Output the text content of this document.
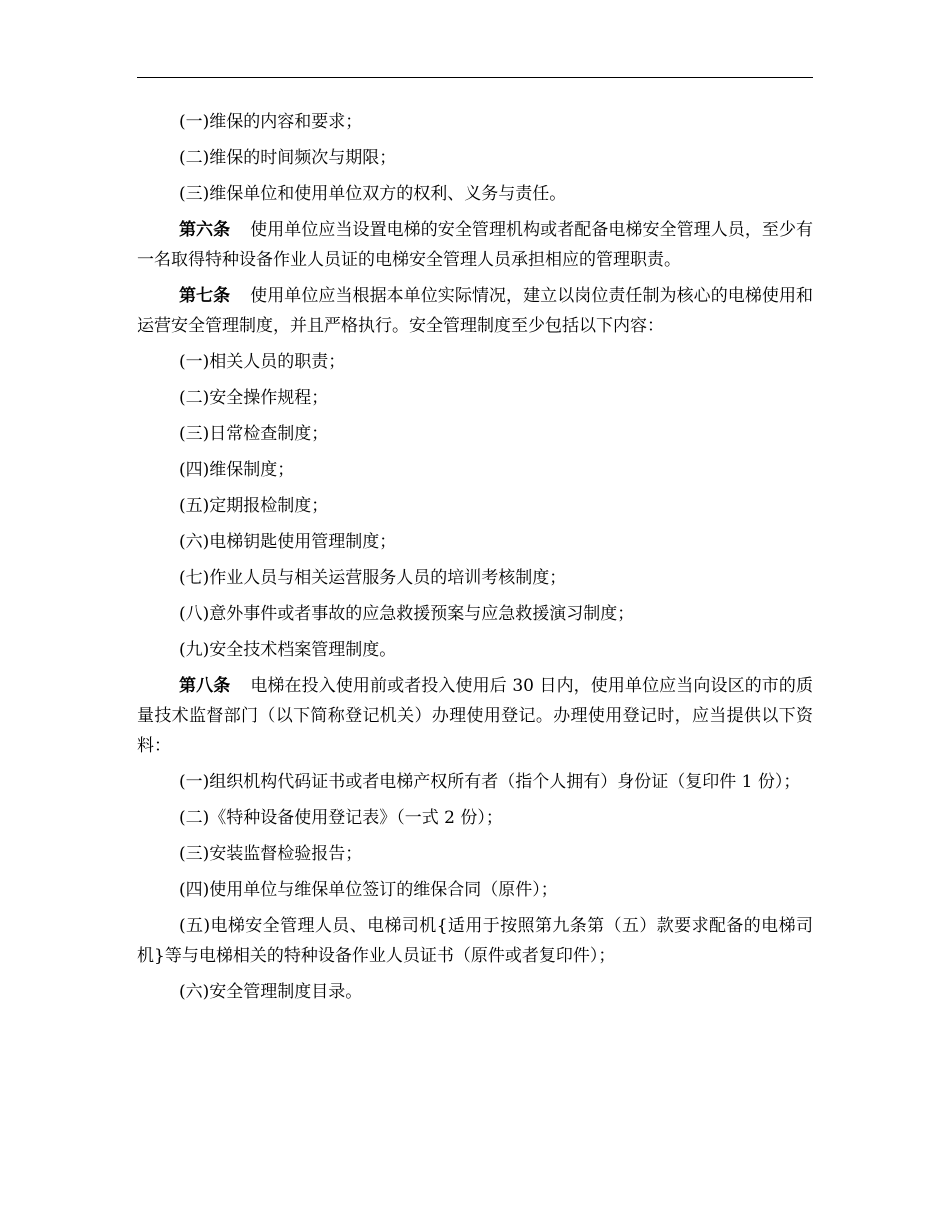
(一)维保的内容和要求；

(二)维保的时间频次与期限；

(三)维保单位和使用单位双方的权利、义务与责任。

第六条 使用单位应当设置电梯的安全管理机构或者配备电梯安全管理人员，至少有一名取得特种设备作业人员证的电梯安全管理人员承担相应的管理职责。

第七条 使用单位应当根据本单位实际情况，建立以岗位责任制为核心的电梯使用和运营安全管理制度，并且严格执行。安全管理制度至少包括以下内容：

(一)相关人员的职责；

(二)安全操作规程；

(三)日常检查制度；

(四)维保制度；

(五)定期报检制度；

(六)电梯钥匙使用管理制度；

(七)作业人员与相关运营服务人员的培训考核制度；

(八)意外事件或者事故的应急救援预案与应急救援演习制度；

(九)安全技术档案管理制度。

第八条 电梯在投入使用前或者投入使用后 30 日内，使用单位应当向设区的市的质量技术监督部门（以下简称登记机关）办理使用登记。办理使用登记时，应当提供以下资料：

(一)组织机构代码证书或者电梯产权所有者（指个人拥有）身份证（复印件 1 份）；

(二)《特种设备使用登记表》（一式 2 份）；

(三)安装监督检验报告；

(四)使用单位与维保单位签订的维保合同（原件）；

(五)电梯安全管理人员、电梯司机{适用于按照第九条第（五）款要求配备的电梯司机}等与电梯相关的特种设备作业人员证书（原件或者复印件）；

(六)安全管理制度目录。
